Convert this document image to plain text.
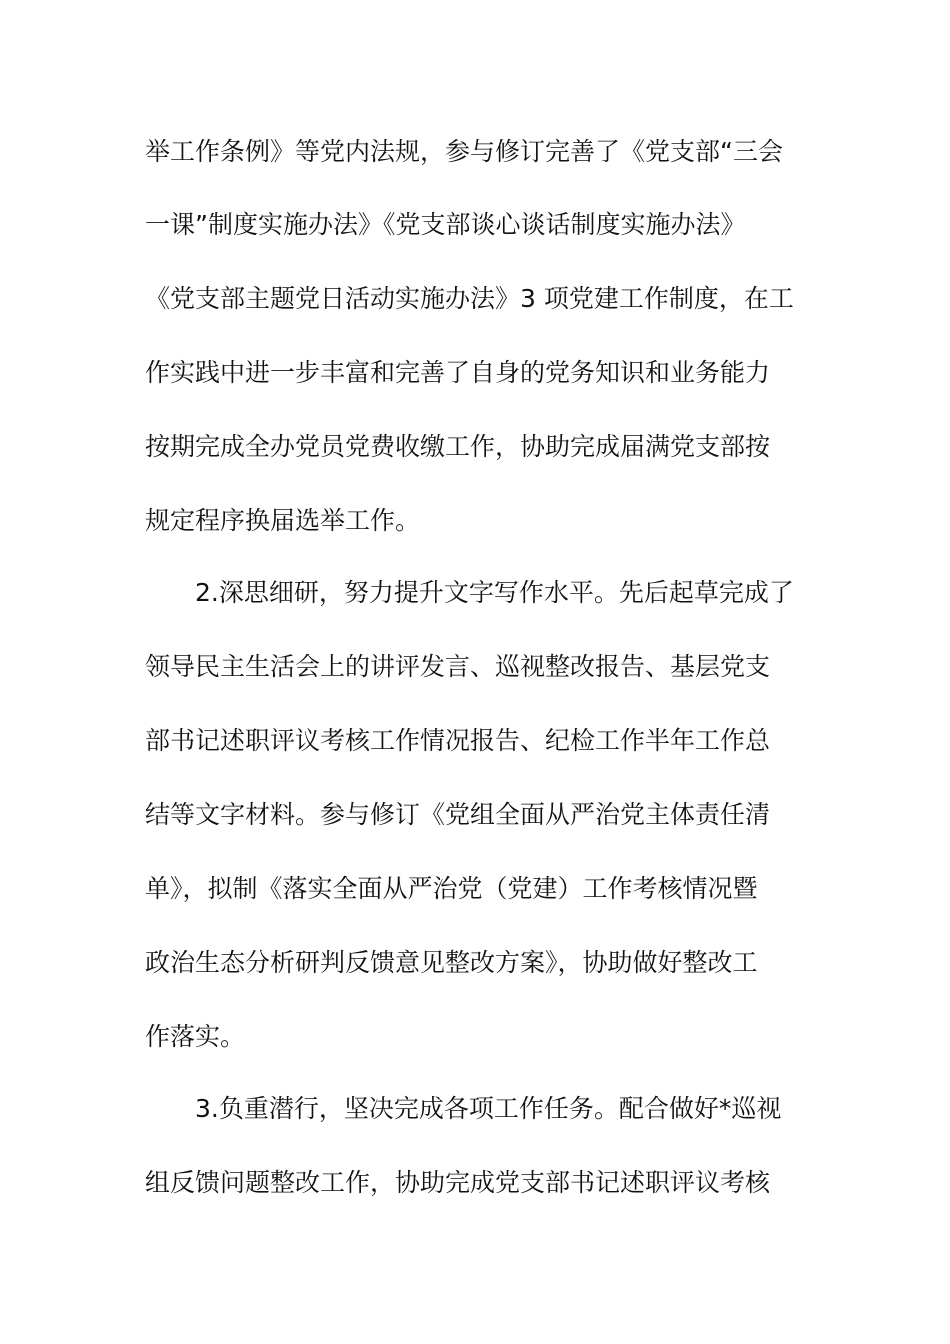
举工作条例》等党内法规，参与修订完善了《党支部“三会
一课”制度实施办法》《党支部谈心谈话制度实施办法》
《党支部主题党日活动实施办法》3 项党建工作制度，在工
作实践中进一步丰富和完善了自身的党务知识和业务能力
按期完成全办党员党费收缴工作，协助完成届满党支部按
规定程序换届选举工作。
2.深思细研，努力提升文字写作水平。先后起草完成了
领导民主生活会上的讲评发言、巡视整改报告、基层党支
部书记述职评议考核工作情况报告、纪检工作半年工作总
结等文字材料。参与修订《党组全面从严治党主体责任清
单》，拟制《落实全面从严治党（党建）工作考核情况暨
政治生态分析研判反馈意见整改方案》，协助做好整改工
作落实。
3.负重潜行，坚决完成各项工作任务。配合做好*巡视
组反馈问题整改工作，协助完成党支部书记述职评议考核
